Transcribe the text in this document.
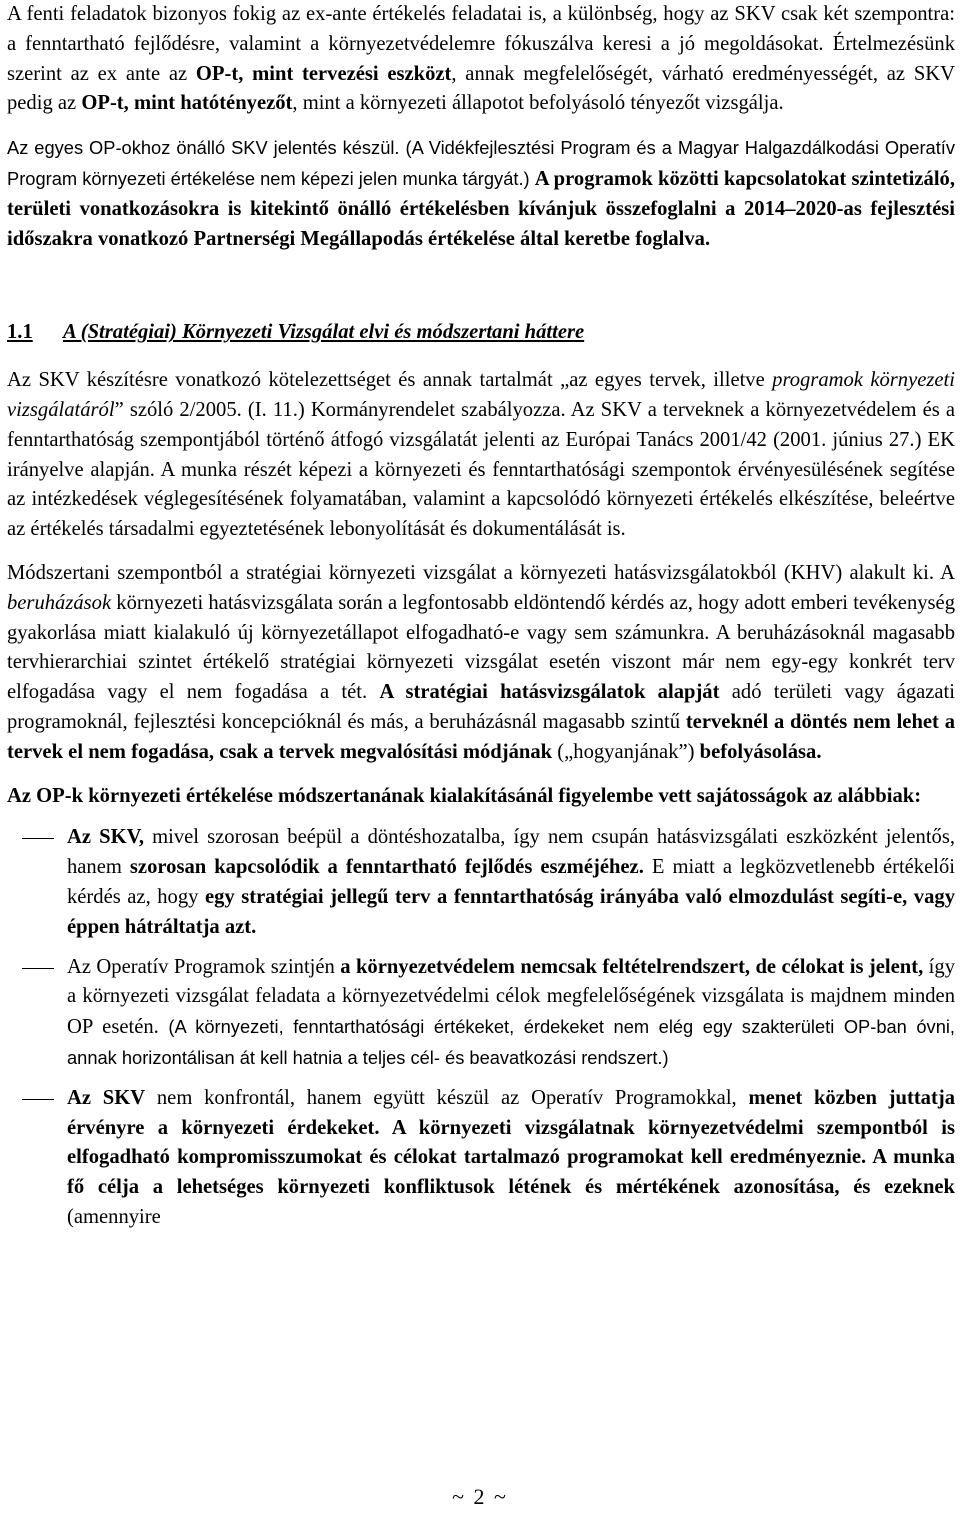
A fenti feladatok bizonyos fokig az ex-ante értékelés feladatai is, a különbség, hogy az SKV csak két szempontra: a fenntartható fejlődésre, valamint a környezetvédelemre fókuszálva keresi a jó megoldásokat. Értelmezésünk szerint az ex ante az OP-t, mint tervezési eszközt, annak megfelelőségét, várható eredményességét, az SKV pedig az OP-t, mint hatótényezőt, mint a környezeti állapotot befolyásoló tényezőt vizsgálja.

Az egyes OP-okhoz önálló SKV jelentés készül. (A Vidékfejlesztési Program és a Magyar Halgazdálkodási Operatív Program környezeti értékelése nem képezi jelen munka tárgyát.) A programok közötti kapcsolatokat szintetizáló, területi vonatkozásokra is kitekintő önálló értékelésben kívánjuk összefoglalni a 2014–2020-as fejlesztési időszakra vonatkozó Partnerségi Megállapodás értékelése által keretbe foglalva.

1.1	A (Stratégiai) Környezeti Vizsgálat elvi és módszertani háttere

Az SKV készítésre vonatkozó kötelezettséget és annak tartalmát „az egyes tervek, illetve programok környezeti vizsgálatáról” szóló 2/2005. (I. 11.) Kormányrendelet szabályozza. Az SKV a terveknek a környezetvédelem és a fenntarthatóság szempontjából történő átfogó vizsgálatát jelenti az Európai Tanács 2001/42 (2001. június 27.) EK irányelve alapján. A munka részét képezi a környezeti és fenntarthatósági szempontok érvényesülésének segítése az intézkedések véglegesítésének folyamatában, valamint a kapcsolódó környezeti értékelés elkészítése, beleértve az értékelés társadalmi egyeztetésének lebonyolítását és dokumentálását is.

Módszertani szempontból a stratégiai környezeti vizsgálat a környezeti hatásvizsgálatokból (KHV) alakult ki. A beruházások környezeti hatásvizsgálata során a legfontosabb eldöntendő kérdés az, hogy adott emberi tevékenység gyakorlása miatt kialakuló új környezetállapot elfogadható-e vagy sem számunkra. A beruházásoknál magasabb tervhierarchiai szintet értékelő stratégiai környezeti vizsgálat esetén viszont már nem egy-egy konkrét terv elfogadása vagy el nem fogadása a tét. A stratégiai hatásvizsgálatok alapját adó területi vagy ágazati programoknál, fejlesztési koncepcióknál és más, a beruházásnál magasabb szintű terveknél a döntés nem lehet a tervek el nem fogadása, csak a tervek megvalósítási módjának („hogyanjának”) befolyásolása.

Az OP-k környezeti értékelése módszertanának kialakításánál figyelembe vett sajátosságok az alábbiak:

Az SKV, mivel szorosan beépül a döntéshozatalba, így nem csupán hatásvizsgálati eszközként jelentős, hanem szorosan kapcsolódik a fenntartható fejlődés eszméjéhez. E miatt a legközvetlenebb értékelői kérdés az, hogy egy stratégiai jellegű terv a fenntarthatóság irányába való elmozdulást segíti-e, vagy éppen hátráltatja azt.

Az Operatív Programok szintjén a környezetvédelem nemcsak feltételrendszert, de célokat is jelent, így a környezeti vizsgálat feladata a környezetvédelmi célok megfelelőségének vizsgálata is majdnem minden OP esetén. (A környezeti, fenntarthatósági értékeket, érdekeket nem elég egy szakterületi OP-ban óvni, annak horizontálisan át kell hatnia a teljes cél- és beavatkozási rendszert.)

Az SKV nem konfrontál, hanem együtt készül az Operatív Programokkal, menet közben juttatja érvényre a környezeti érdekeket. A környezeti vizsgálatnak környezetvédelmi szempontból is elfogadható kompromisszumokat és célokat tartalmazó programokat kell eredményeznie. A munka fő célja a lehetséges környezeti konfliktusok létének és mértékének azonosítása, és ezeknek (amennyire

~ 2 ~
